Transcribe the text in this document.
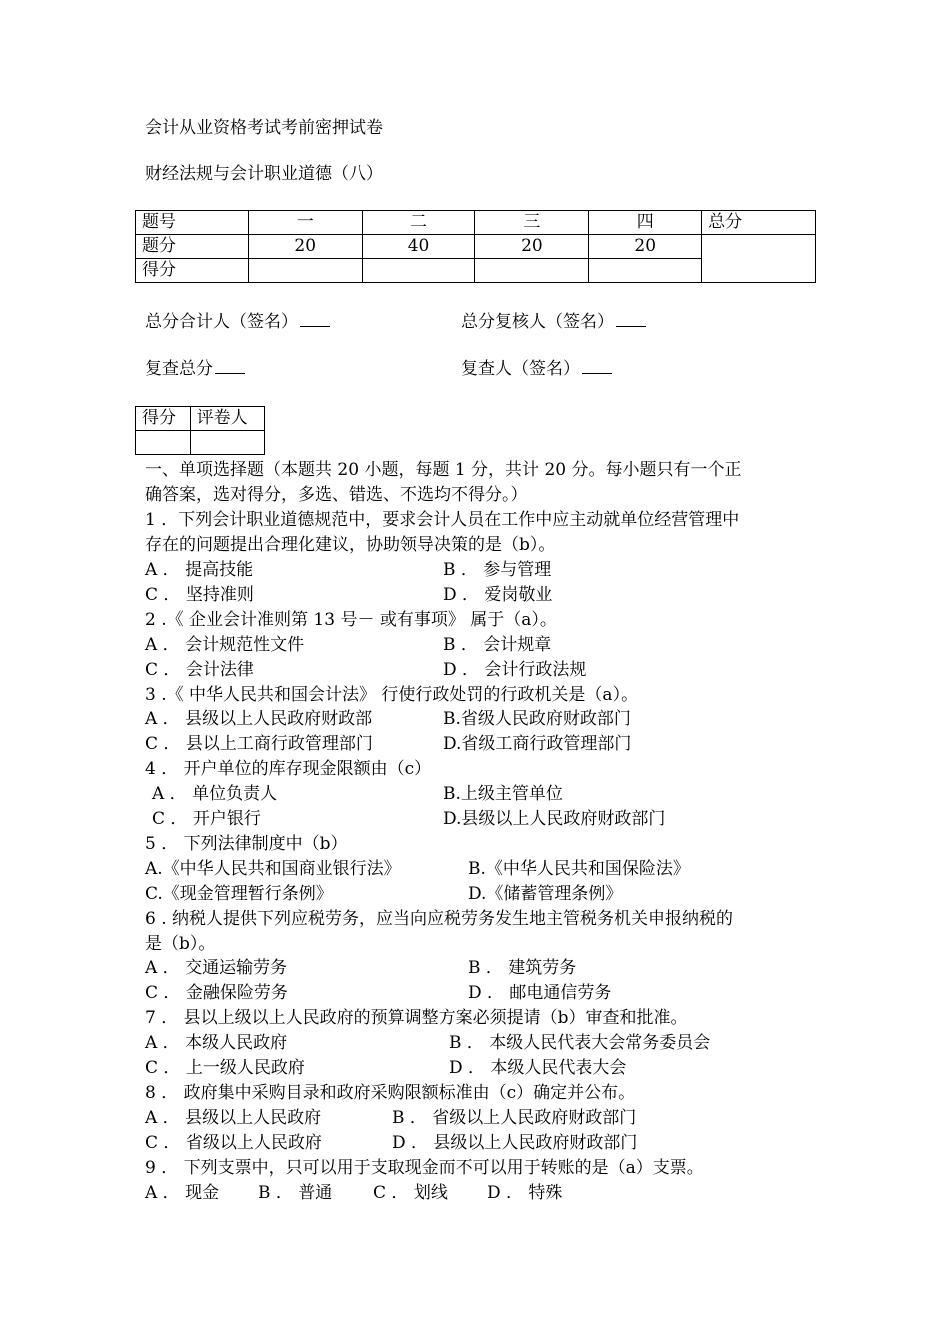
会计从业资格考试考前密押试卷
财经法规与会计职业道德（八）
题号	一	二	三	四	总分
题分	20	40	20	20	
得分					
总分合计人（签名）	总分复核人（签名）
复查总分	复查人（签名）
得分	评卷人

一、单项选择题（本题共 20 小题，每题 1 分，共计 20 分。每小题只有一个正
确答案，选对得分，多选、错选、不选均不得分。）
1 ．下列会计职业道德规范中，要求会计人员在工作中应主动就单位经营管理中
存在的问题提出合理化建议，协助领导决策的是（b）。
A ． 提高技能	B ． 参与管理
C ． 坚持准则	D ． 爱岗敬业
2 .《 企业会计准则第 13 号－ 或有事项》 属于（a）。
A ． 会计规范性文件	B ． 会计规章
C ． 会计法律	D ． 会计行政法规
3 .《 中华人民共和国会计法》 行使行政处罚的行政机关是（a）。
A ． 县级以上人民政府财政部	B.省级人民政府财政部门
C ． 县以上工商行政管理部门	D.省级工商行政管理部门
4 ． 开户单位的库存现金限额由（c）
A ． 单位负责人	B.上级主管单位
C ． 开户银行	D.县级以上人民政府财政部门
5 ． 下列法律制度中（b）
A.《中华人民共和国商业银行法》	B.《中华人民共和国保险法》
C.《现金管理暂行条例》	D.《储蓄管理条例》
6 . 纳税人提供下列应税劳务，应当向应税劳务发生地主管税务机关申报纳税的
是（b）。
A ． 交通运输劳务	B ． 建筑劳务
C ． 金融保险劳务	D ． 邮电通信劳务
7 ． 县以上级以上人民政府的预算调整方案必须提请（b）审查和批准。
A ． 本级人民政府	B ． 本级人民代表大会常务委员会
C ． 上一级人民政府	D ． 本级人民代表大会
8 ． 政府集中采购目录和政府采购限额标准由（c）确定并公布。
A ． 县级以上人民政府	B ． 省级以上人民政府财政部门
C ． 省级以上人民政府	D ． 县级以上人民政府财政部门
9 ． 下列支票中，只可以用于支取现金而不可以用于转账的是（a）支票。
A ． 现金 B ． 普通 C ． 划线 D ． 特殊
